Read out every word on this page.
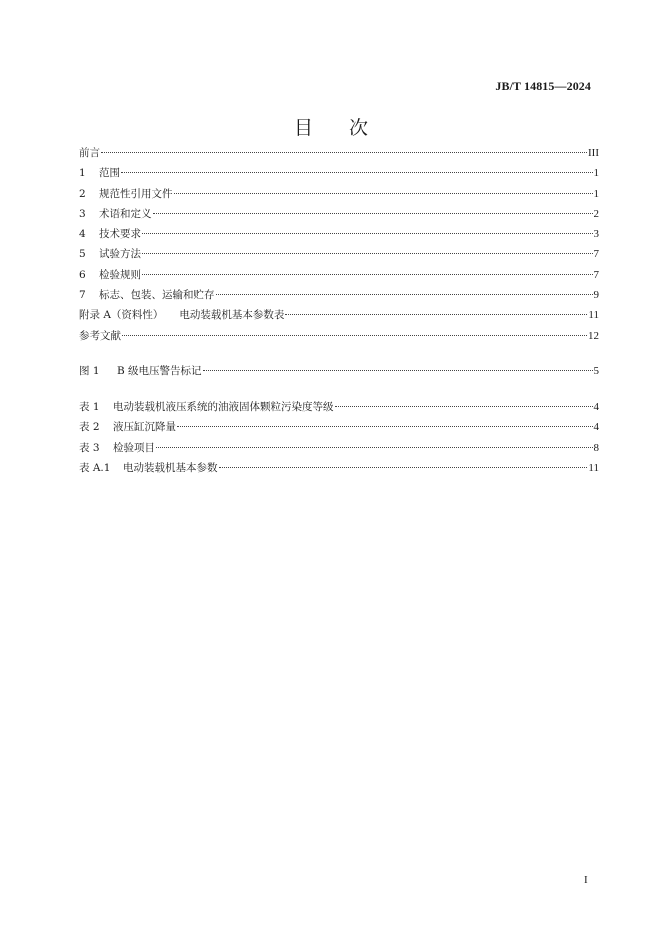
JB/T 14815—2024
目 次
前言	III
1	范围	1
2	规范性引用文件	1
3	术语和定义	2
4	技术要求	3
5	试验方法	7
6	检验规则	7
7	标志、包装、运输和贮存	9
附录 A（资料性） 电动装载机基本参数表	11
参考文献	12
图 1	B 级电压警告标记	5
表 1	电动装载机液压系统的油液固体颗粒污染度等级	4
表 2	液压缸沉降量	4
表 3	检验项目	8
表 A.1	电动装载机基本参数	11
I
